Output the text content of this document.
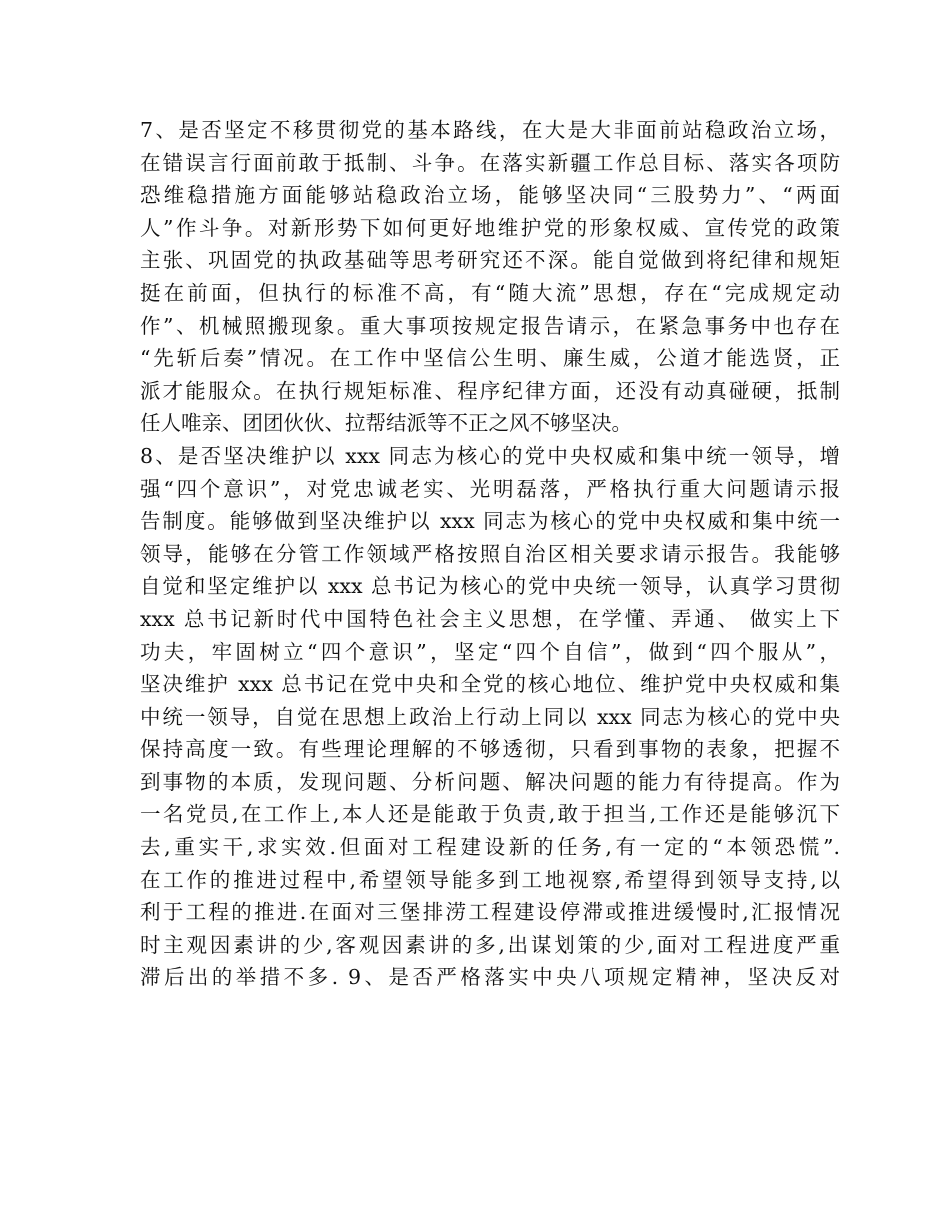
7、是否坚定不移贯彻党的基本路线，在大是大非面前站稳政治立场，
在错误言行面前敢于抵制、斗争。在落实新疆工作总目标、落实各项防
恐维稳措施方面能够站稳政治立场，能够坚决同“三股势力”、“两面
人”作斗争。对新形势下如何更好地维护党的形象权威、宣传党的政策
主张、巩固党的执政基础等思考研究还不深。能自觉做到将纪律和规矩
挺在前面，但执行的标准不高，有“随大流”思想，存在“完成规定动
作”、机械照搬现象。重大事项按规定报告请示，在紧急事务中也存在
“先斩后奏”情况。在工作中坚信公生明、廉生威，公道才能选贤，正
派才能服众。在执行规矩标准、程序纪律方面，还没有动真碰硬，抵制
任人唯亲、团团伙伙、拉帮结派等不正之风不够坚决。
8、是否坚决维护以 xxx 同志为核心的党中央权威和集中统一领导，增
强“四个意识”，对党忠诚老实、光明磊落，严格执行重大问题请示报
告制度。能够做到坚决维护以 xxx 同志为核心的党中央权威和集中统一
领导，能够在分管工作领域严格按照自治区相关要求请示报告。我能够
自觉和坚定维护以 xxx 总书记为核心的党中央统一领导，认真学习贯彻
xxx 总书记新时代中国特色社会主义思想，在学懂、弄通、 做实上下
功夫，牢固树立“四个意识”，坚定“四个自信”，做到“四个服从”，
坚决维护 xxx 总书记在党中央和全党的核心地位、维护党中央权威和集
中统一领导，自觉在思想上政治上行动上同以 xxx 同志为核心的党中央
保持高度一致。有些理论理解的不够透彻，只看到事物的表象，把握不
到事物的本质，发现问题、分析问题、解决问题的能力有待提高。作为
一名党员,在工作上,本人还是能敢于负责,敢于担当,工作还是能够沉下
去,重实干,求实效.但面对工程建设新的任务,有一定的“本领恐慌”.
在工作的推进过程中,希望领导能多到工地视察,希望得到领导支持,以
利于工程的推进.在面对三堡排涝工程建设停滞或推进缓慢时,汇报情况
时主观因素讲的少,客观因素讲的多,出谋划策的少,面对工程进度严重
滞后出的举措不多. 9、是否严格落实中央八项规定精神，坚决反对
